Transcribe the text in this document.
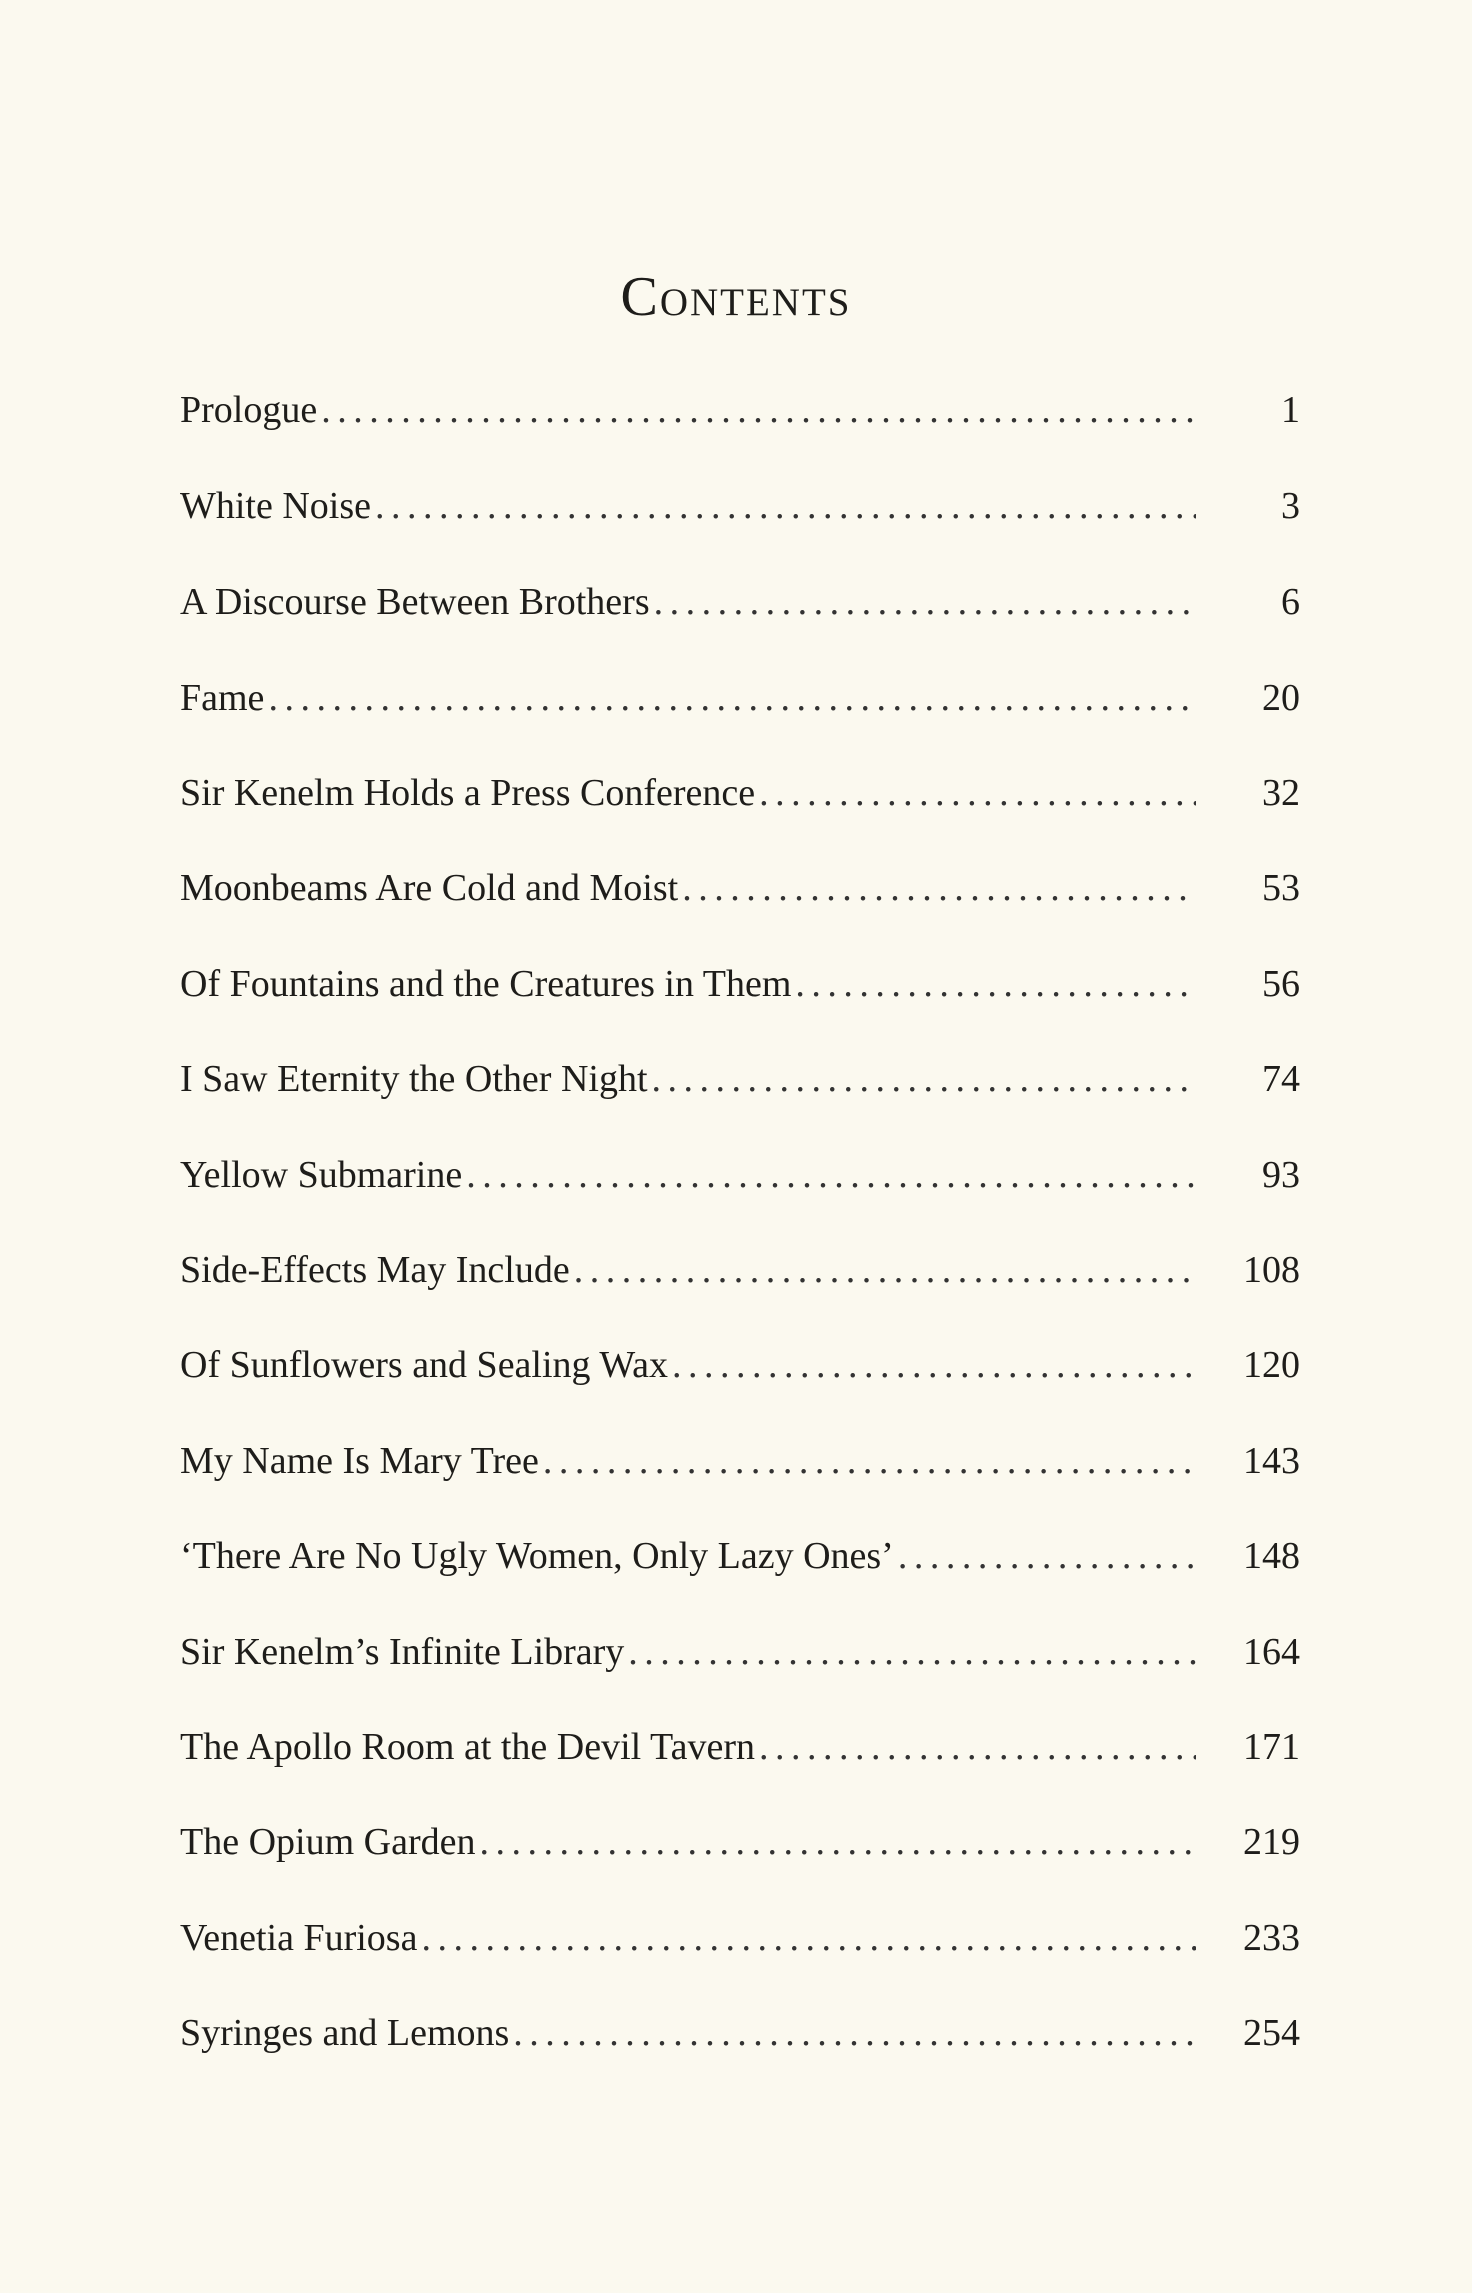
Contents
Prologue . . .	1
White Noise . . .	3
A Discourse Between Brothers . . .	6
Fame . . .	20
Sir Kenelm Holds a Press Conference . . .	32
Moonbeams Are Cold and Moist . . .	53
Of Fountains and the Creatures in Them . . .	56
I Saw Eternity the Other Night . . .	74
Yellow Submarine . . .	93
Side-Effects May Include . . .	108
Of Sunflowers and Sealing Wax . . .	120
My Name Is Mary Tree . . .	143
‘There Are No Ugly Women, Only Lazy Ones’ . . .	148
Sir Kenelm’s Infinite Library . . .	164
The Apollo Room at the Devil Tavern . . .	171
The Opium Garden . . .	219
Venetia Furiosa . . .	233
Syringes and Lemons . . .	254
